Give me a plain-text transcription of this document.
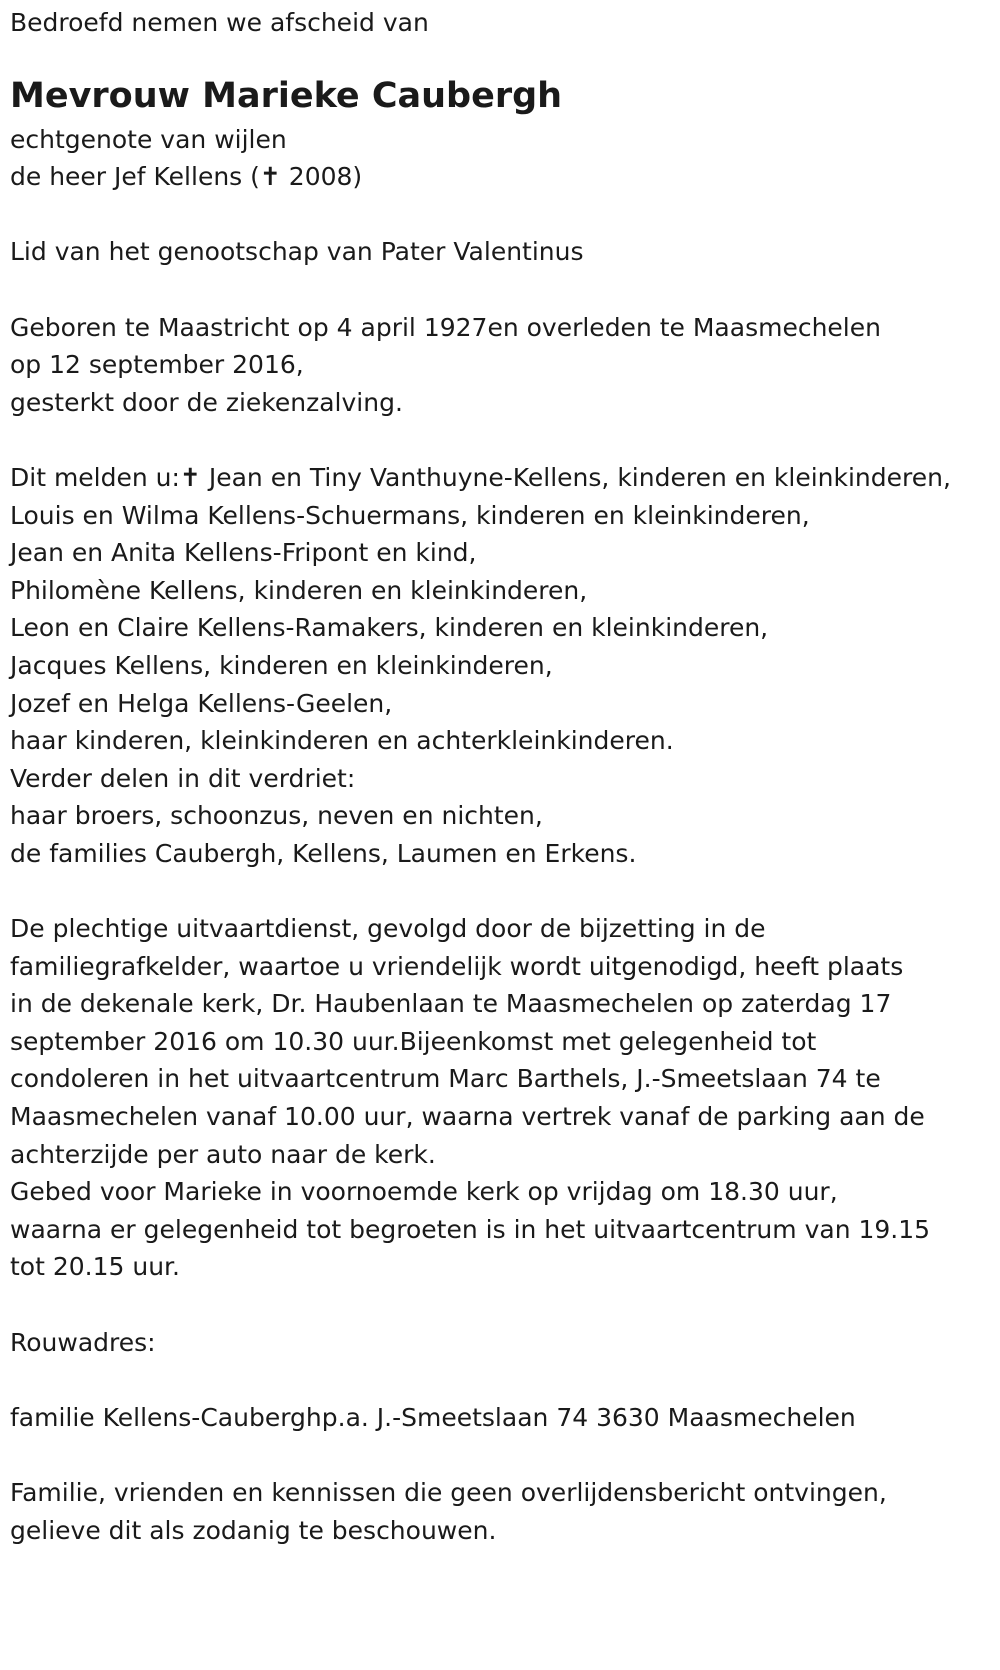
Bedroefd nemen we afscheid van

Mevrouw Marieke Caubergh

echtgenote van wijlen

de heer Jef Kellens (✝ 2008)

Lid van het genootschap van Pater Valentinus

Geboren te Maastricht op 4 april 1927en overleden te Maasmechelen

op 12 september 2016,

gesterkt door de ziekenzalving.

Dit melden u:✝ Jean en Tiny Vanthuyne-Kellens, kinderen en kleinkinderen,

Louis en Wilma Kellens-Schuermans, kinderen en kleinkinderen,

Jean en Anita Kellens-Fripont en kind,

Philomène Kellens, kinderen en kleinkinderen,

Leon en Claire Kellens-Ramakers, kinderen en kleinkinderen,

Jacques Kellens, kinderen en kleinkinderen,

Jozef en Helga Kellens-Geelen,

haar kinderen, kleinkinderen en achterkleinkinderen.

Verder delen in dit verdriet:

haar broers, schoonzus, neven en nichten,

de families Caubergh, Kellens, Laumen en Erkens.

De plechtige uitvaartdienst, gevolgd door de bijzetting in de

familiegrafkelder, waartoe u vriendelijk wordt uitgenodigd, heeft plaats

in de dekenale kerk, Dr. Haubenlaan te Maasmechelen op zaterdag 17

september 2016 om 10.30 uur.Bijeenkomst met gelegenheid tot

condoleren in het uitvaartcentrum Marc Barthels, J.-Smeetslaan 74 te

Maasmechelen vanaf 10.00 uur, waarna vertrek vanaf de parking aan de

achterzijde per auto naar de kerk.

Gebed voor Marieke in voornoemde kerk op vrijdag om 18.30 uur,

waarna er gelegenheid tot begroeten is in het uitvaartcentrum van 19.15

tot 20.15 uur.

Rouwadres:

familie Kellens-Cauberghp.a. J.-Smeetslaan 74 3630 Maasmechelen

Familie, vrienden en kennissen die geen overlijdensbericht ontvingen,

gelieve dit als zodanig te beschouwen.
